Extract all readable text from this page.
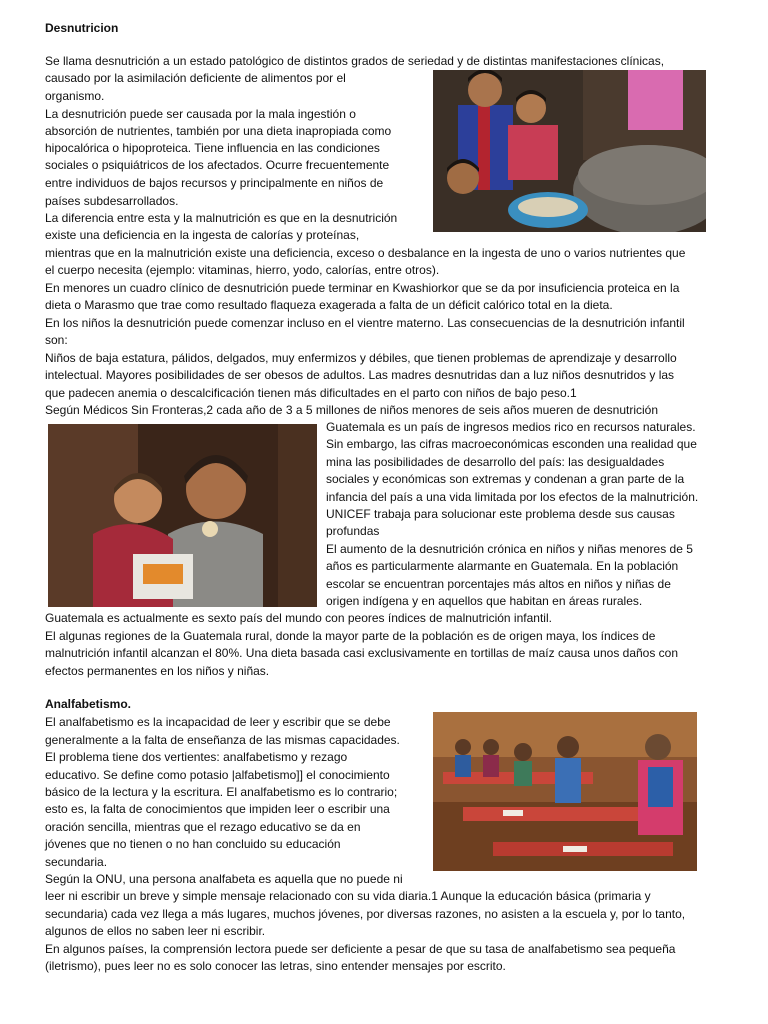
Desnutricion
Se llama desnutrición a un estado patológico de distintos grados de seriedad y de distintas manifestaciones clínicas,
causado por la asimilación deficiente de alimentos por el
organismo.
La desnutrición puede ser causada por la mala ingestión o
absorción de nutrientes, también por una dieta inapropiada como
hipocalórica o hipoproteica. Tiene influencia en las condiciones
sociales o psiquiátricos de los afectados. Ocurre frecuentemente
entre individuos de bajos recursos y principalmente en niños de
países subdesarrollados.
La diferencia entre esta y la malnutrición es que en la desnutrición
existe una deficiencia en la ingesta de calorías y proteínas,
mientras que en la malnutrición existe una deficiencia, exceso o desbalance en la ingesta de uno o varios nutrientes que
el cuerpo necesita (ejemplo: vitaminas, hierro, yodo, calorías, entre otros).
En menores un cuadro clínico de desnutrición puede terminar en Kwashiorkor que se da por insuficiencia proteica en la
dieta o Marasmo que trae como resultado flaqueza exagerada a falta de un déficit calórico total en la dieta.
En los niños la desnutrición puede comenzar incluso en el vientre materno. Las consecuencias de la desnutrición infantil
son:
Niños de baja estatura, pálidos, delgados, muy enfermizos y débiles, que tienen problemas de aprendizaje y desarrollo
intelectual. Mayores posibilidades de ser obesos de adultos. Las madres desnutridas dan a luz niños desnutridos y las
que padecen anemia o descalcificación tienen más dificultades en el parto con niños de bajo peso.1
Según Médicos Sin Fronteras,2 cada año de 3 a 5 millones de niños menores de seis años mueren de desnutrición
Guatemala es un país de ingresos medios rico en recursos naturales.
Sin embargo, las cifras macroeconómicas esconden una realidad que
mina las posibilidades de desarrollo del país: las desigualdades
sociales y económicas son extremas y condenan a gran parte de la
infancia del país a una vida limitada por los efectos de la malnutrición.
UNICEF trabaja para solucionar este problema desde sus causas
profundas
El aumento de la desnutrición crónica en niños y niñas menores de 5
años es particularmente alarmante en Guatemala. En la población
escolar se encuentran porcentajes más altos en niños y niñas de
origen indígena y en aquellos que habitan en áreas rurales.
Guatemala es actualmente es sexto país del mundo con peores índices de malnutrición infantil.
El algunas regiones de la Guatemala rural, donde la mayor parte de la población es de origen maya, los índices de
malnutrición infantil alcanzan el 80%. Una dieta basada casi exclusivamente en tortillas de maíz causa unos daños con
efectos permanentes en los niños y niñas.
Analfabetismo.
El analfabetismo es la incapacidad de leer y escribir que se debe
generalmente a la falta de enseñanza de las mismas capacidades.
El problema tiene dos vertientes: analfabetismo y rezago
educativo. Se define como potasio |alfabetismo]] el conocimiento
básico de la lectura y la escritura. El analfabetismo es lo contrario;
esto es, la falta de conocimientos que impiden leer o escribir una
oración sencilla, mientras que el rezago educativo se da en
jóvenes que no tienen o no han concluido su educación
secundaria.
Según la ONU, una persona analfabeta es aquella que no puede ni
leer ni escribir un breve y simple mensaje relacionado con su vida diaria.1 Aunque la educación básica (primaria y
secundaria) cada vez llega a más lugares, muchos jóvenes, por diversas razones, no asisten a la escuela y, por lo tanto,
algunos de ellos no saben leer ni escribir.
En algunos países, la comprensión lectora puede ser deficiente a pesar de que su tasa de analfabetismo sea pequeña
(iletrismo), pues leer no es solo conocer las letras, sino entender mensajes por escrito.
